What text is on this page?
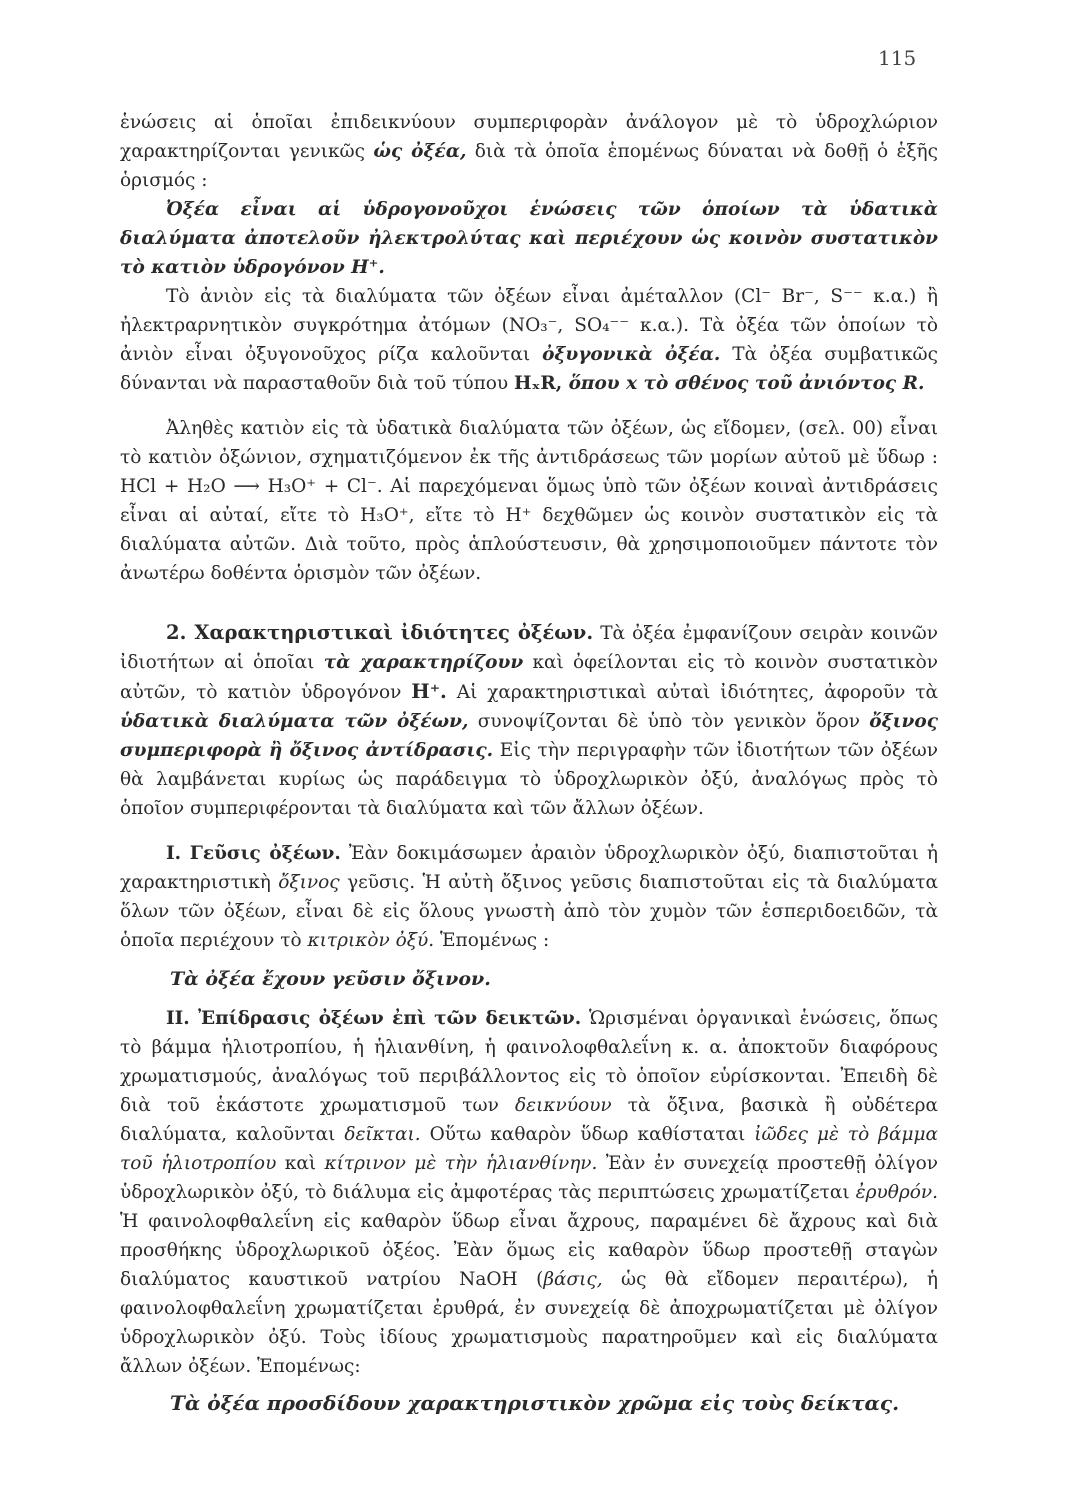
115

ἑνώσεις αἱ ὁποῖαι ἐπιδεικνύουν συμπεριφορὰν ἀνάλογον μὲ τὸ ὑδροχλώριον χαρακτηρίζονται γενικῶς ὡς ὀξέα, διὰ τὰ ὁποῖα ἑπομένως δύναται νὰ δοθῇ ὁ ἑξῆς ὁρισμός :

Ὀξέα εἶναι αἱ ὑδρογονοῦχοι ἑνώσεις τῶν ὁποίων τὰ ὑδατικὰ διαλύματα ἀποτελοῦν ἠλεκτρολύτας καὶ περιέχουν ὡς κοινὸν συστατικὸν τὸ κατιὸν ὑδρογόνον H⁺.

Τὸ ἀνιὸν εἰς τὰ διαλύματα τῶν ὀξέων εἶναι ἀμέταλλον (Cl⁻ Br⁻, S⁻⁻ κ.α.) ἢ ἠλεκτραρνητικὸν συγκρότημα ἀτόμων (NO₃⁻, SO₄⁻⁻ κ.α.). Τὰ ὀξέα τῶν ὁποίων τὸ ἀνιὸν εἶναι ὀξυγονοῦχος ρίζα καλοῦνται ὀξυγονικὰ ὀξέα. Τὰ ὀξέα συμβατικῶς δύνανται νὰ παρασταθοῦν διὰ τοῦ τύπου HₓR, ὅπου x τὸ σθένος τοῦ ἀνιόντος R.

Ἀληθὲς κατιὸν εἰς τὰ ὑδατικὰ διαλύματα τῶν ὀξέων, ὡς εἴδομεν, (σελ. 00) εἶναι τὸ κατιὸν ὀξώνιον, σχηματιζόμενον ἐκ τῆς ἀντιδράσεως τῶν μορίων αὐτοῦ μὲ ὕδωρ : HCl + H₂O ⟶ H₃O⁺ + Cl⁻. Αἱ παρεχόμεναι ὅμως ὑπὸ τῶν ὀξέων κοιναὶ ἀντιδράσεις εἶναι αἱ αὐταί, εἴτε τὸ H₃O⁺, εἴτε τὸ H⁺ δεχθῶμεν ὡς κοινὸν συστατικὸν εἰς τὰ διαλύματα αὐτῶν. Διὰ τοῦτο, πρὸς ἁπλούστευσιν, θὰ χρησιμοποιοῦμεν πάντοτε τὸν ἀνωτέρω δοθέντα ὁρισμὸν τῶν ὀξέων.

2. Χαρακτηριστικαὶ ἰδιότητες ὀξέων. Τὰ ὀξέα ἐμφανίζουν σειρὰν κοινῶν ἰδιοτήτων αἱ ὁποῖαι τὰ χαρακτηρίζουν καὶ ὀφείλονται εἰς τὸ κοινὸν συστατικὸν αὐτῶν, τὸ κατιὸν ὑδρογόνον H⁺. Αἱ χαρακτηριστικαὶ αὐταὶ ἰδιότητες, ἀφοροῦν τὰ ὑδατικὰ διαλύματα τῶν ὀξέων, συνοψίζονται δὲ ὑπὸ τὸν γενικὸν ὅρον ὄξινος συμπεριφορὰ ἢ ὄξινος ἀντίδρασις. Εἰς τὴν περιγραφὴν τῶν ἰδιοτήτων τῶν ὀξέων θὰ λαμβάνεται κυρίως ὡς παράδειγμα τὸ ὑδροχλωρικὸν ὀξύ, ἀναλόγως πρὸς τὸ ὁποῖον συμπεριφέρονται τὰ διαλύματα καὶ τῶν ἄλλων ὀξέων.

Ι. Γεῦσις ὀξέων. Ἐὰν δοκιμάσωμεν ἀραιὸν ὑδροχλωρικὸν ὀξύ, διαπιστοῦται ἡ χαρακτηριστικὴ ὄξινος γεῦσις. Ἡ αὐτὴ ὄξινος γεῦσις διαπιστοῦται εἰς τὰ διαλύματα ὅλων τῶν ὀξέων, εἶναι δὲ εἰς ὅλους γνωστὴ ἀπὸ τὸν χυμὸν τῶν ἑσπεριδοειδῶν, τὰ ὁποῖα περιέχουν τὸ κιτρικὸν ὀξύ. Ἑπομένως :

Τὰ ὀξέα ἔχουν γεῦσιν ὄξινον.

ΙΙ. Ἐπίδρασις ὀξέων ἐπὶ τῶν δεικτῶν. Ὡρισμέναι ὀργανικαὶ ἑνώσεις, ὅπως τὸ βάμμα ἡλιοτροπίου, ἡ ἡλιανθίνη, ἡ φαινολοφθαλεΐνη κ. α. ἀποκτοῦν διαφόρους χρωματισμούς, ἀναλόγως τοῦ περιβάλλοντος εἰς τὸ ὁποῖον εὑρίσκονται. Ἐπειδὴ δὲ διὰ τοῦ ἑκάστοτε χρωματισμοῦ των δεικνύουν τὰ ὄξινα, βασικὰ ἢ οὐδέτερα διαλύματα, καλοῦνται δεῖκται. Οὕτω καθαρὸν ὕδωρ καθίσταται ἰῶδες μὲ τὸ βάμμα τοῦ ἡλιοτροπίου καὶ κίτρινον μὲ τὴν ἡλιανθίνην. Ἐὰν ἐν συνεχείᾳ προστεθῇ ὀλίγον ὑδροχλωρικὸν ὀξύ, τὸ διάλυμα εἰς ἀμφοτέρας τὰς περιπτώσεις χρωματίζεται ἐρυθρόν. Ἡ φαινολοφθαλεΐνη εἰς καθαρὸν ὕδωρ εἶναι ἄχρους, παραμένει δὲ ἄχρους καὶ διὰ προσθήκης ὑδροχλωρικοῦ ὀξέος. Ἐὰν ὅμως εἰς καθαρὸν ὕδωρ προστεθῇ σταγὼν διαλύματος καυστικοῦ νατρίου NaOH (βάσις, ὡς θὰ εἴδομεν περαιτέρω), ἡ φαινολοφθαλεΐνη χρωματίζεται ἐρυθρά, ἐν συνεχείᾳ δὲ ἀποχρωματίζεται μὲ ὀλίγον ὑδροχλωρικὸν ὀξύ. Τοὺς ἰδίους χρωματισμοὺς παρατηροῦμεν καὶ εἰς διαλύματα ἄλλων ὀξέων. Ἑπομένως:

Τὰ ὀξέα προσδίδουν χαρακτηριστικὸν χρῶμα εἰς τοὺς δείκτας.
